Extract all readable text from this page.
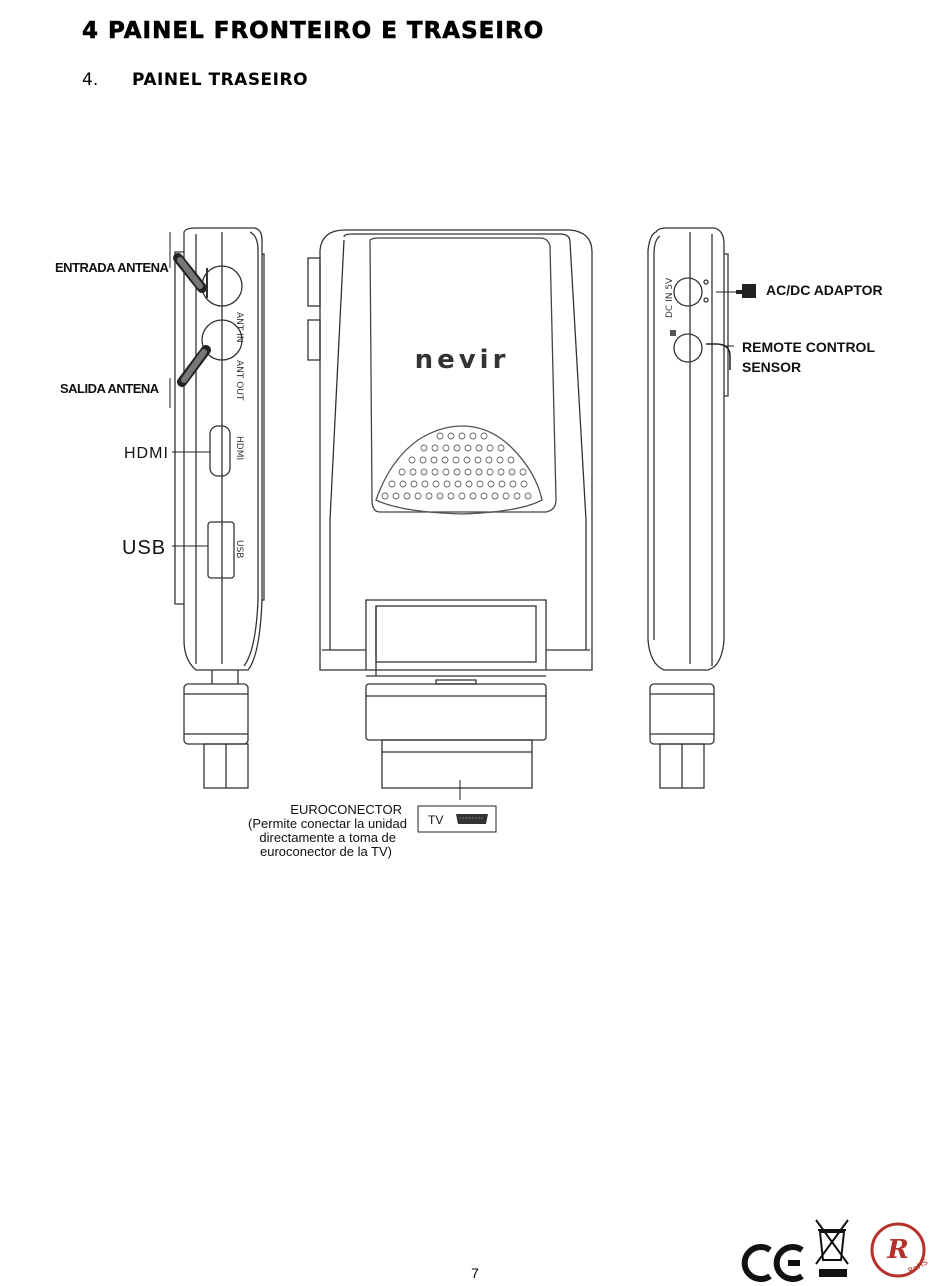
4 PAINEL FRONTEIRO E TRASEIRO
4. PAINEL TRASEIRO
nevir
ANT IN
ANT OUT
HDMI
USB
DC IN 5V
ENTRADA ANTENA
SALIDA ANTENA
HDMI
USB
AC/DC ADAPTOR
REMOTE CONTROL
SENSOR
EUROCONECTOR
(Permite conectar la unidad
directamente a toma de
euroconector de la TV)
TV
7
R
RoHS
